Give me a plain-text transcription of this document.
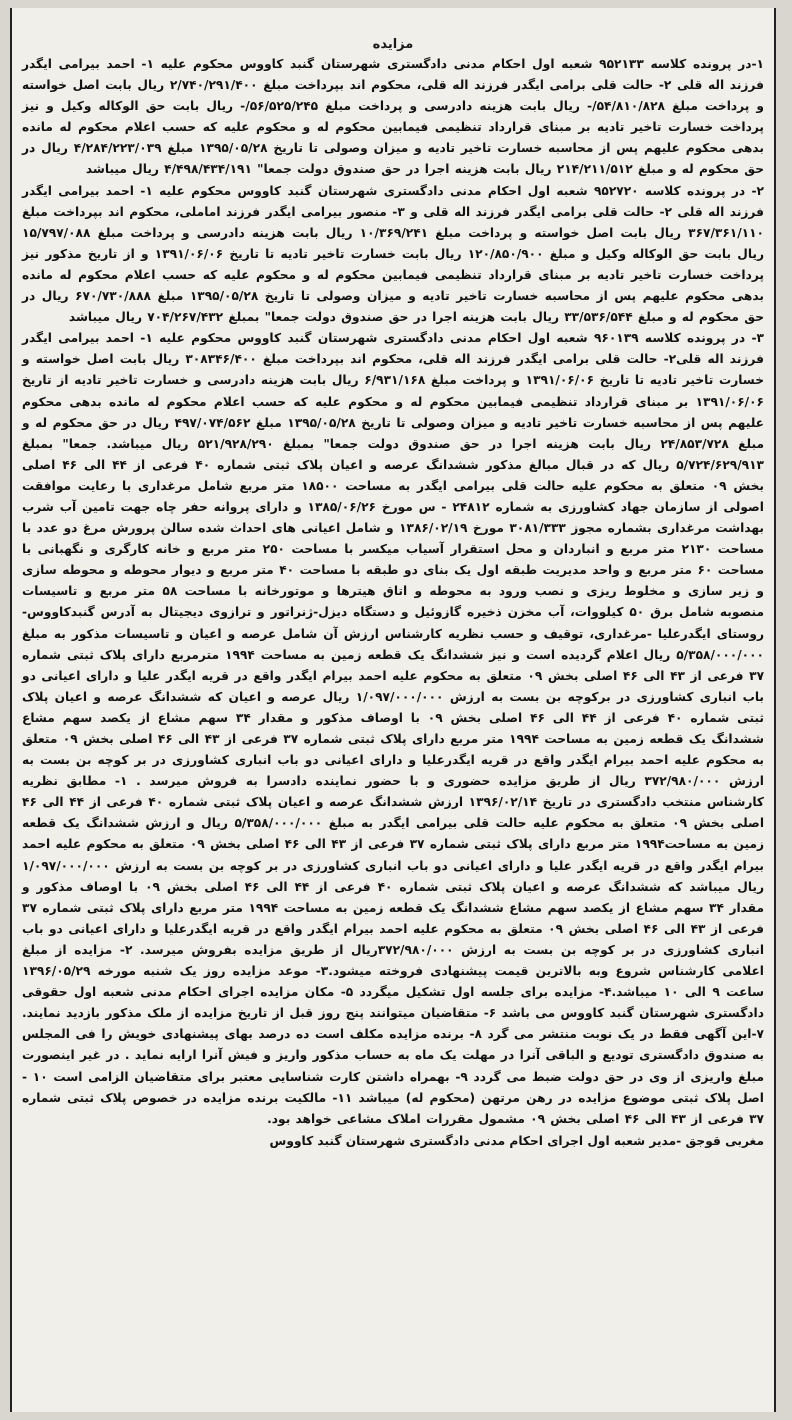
مزایده
۱-در پرونده کلاسه ۹۵۲۱۳۳ شعبه اول احکام مدنی دادگستری شهرستان گنبد کاووس محکوم علیه ۱- احمد بیرامی ایگدر فرزند اله قلی ۲- حالت قلی برامی ایگدر فرزند اله قلی، محکوم اند بپرداخت مبلغ ۲/۷۴۰/۲۹۱/۴۰۰ ریال بابت اصل خواسته و پرداخت مبلغ ۵۴/۸۱۰/۸۲۸/- ریال بابت هزینه دادرسی و پرداخت مبلغ ۵۶/۵۲۵/۲۴۵/- ریال بابت حق الوکاله وکیل و نیز پرداخت خسارت تاخیر تادیه بر مبنای قرارداد تنظیمی فیمابین محکوم له و محکوم علیه که حسب اعلام محکوم له مانده بدهی محکوم علیهم پس از محاسبه خسارت تاخیر تادیه و میزان وصولی تا تاریخ ۱۳۹۵/۰۵/۲۸ مبلغ ۴/۲۸۴/۲۲۳/۰۳۹ ریال در حق محکوم له و مبلغ ۲۱۴/۲۱۱/۵۱۲ ریال بابت هزینه اجرا در حق صندوق دولت جمعا" ۴/۴۹۸/۴۳۴/۱۹۱ ریال میباشد
۲- در پرونده کلاسه ۹۵۲۷۲۰ شعبه اول احکام مدنی دادگستری شهرستان گنبد کاووس محکوم علیه ۱- احمد بیرامی ایگدر فرزند اله قلی ۲- حالت قلی برامی ایگدر فرزند اله قلی و ۳- منصور بیرامی ایگدر فرزند اماملی، محکوم اند بپرداخت مبلغ ۳۶۷/۳۶۱/۱۱۰ ریال بابت اصل خواسته و پرداخت مبلغ ۱۰/۳۶۹/۲۴۱ ریال بابت هزینه دادرسی و پرداخت مبلغ ۱۵/۷۹۷/۰۸۸ ریال بابت حق الوکاله وکیل و مبلغ ۱۲۰/۸۵۰/۹۰۰ ریال بابت خسارت تاخیر تادیه تا تاریخ ۱۳۹۱/۰۶/۰۶ و از تاریخ مذکور نیز پرداخت خسارت تاخیر تادیه بر مبنای قرارداد تنظیمی فیمابین محکوم له و محکوم علیه که حسب اعلام محکوم له مانده بدهی محکوم علیهم پس از محاسبه خسارت تاخیر تادیه و میزان وصولی تا تاریخ ۱۳۹۵/۰۵/۲۸ مبلغ ۶۷۰/۷۳۰/۸۸۸ ریال در حق محکوم له و مبلغ ۳۳/۵۳۶/۵۴۴ ریال بابت هزینه اجرا در حق صندوق دولت جمعا" بمبلغ ۷۰۴/۲۶۷/۴۳۲ ریال میباشد
۳- در پرونده کلاسه ۹۶۰۱۳۹ شعبه اول احکام مدنی دادگستری شهرستان گنبد کاووس محکوم علیه ۱- احمد بیرامی ایگدر فرزند اله قلی۲- حالت قلی برامی ایگدر فرزند اله قلی، محکوم اند بپرداخت مبلغ ۳۰۸۳۴۶/۴۰۰ ریال بابت اصل خواسته و خسارت تاخیر تادیه تا تاریخ ۱۳۹۱/۰۶/۰۶ و پرداخت مبلغ ۶/۹۳۱/۱۶۸ ریال بابت هزینه دادرسی و خسارت تاخیر تادیه از تاریخ ۱۳۹۱/۰۶/۰۶ بر مبنای قرارداد تنظیمی فیمابین محکوم له و محکوم علیه که حسب اعلام محکوم له مانده بدهی محکوم علیهم پس از محاسبه خسارت تاخیر تادیه و میزان وصولی تا تاریخ ۱۳۹۵/۰۵/۲۸ مبلغ ۴۹۷/۰۷۴/۵۶۲ ریال در حق محکوم له و مبلغ ۲۴/۸۵۳/۷۲۸ ریال بابت هزینه اجرا در حق صندوق دولت جمعا" بمبلغ ۵۲۱/۹۲۸/۲۹۰ ریال میباشد. جمعا" بمبلغ ۵/۷۲۴/۶۲۹/۹۱۳ ریال که در قبال مبالغ مذکور ششدانگ عرصه و اعیان پلاک ثبتی شماره ۴۰ فرعی از ۴۴ الی ۴۶ اصلی بخش ۰۹ متعلق به محکوم علیه حالت قلی بیرامی ایگدر به مساحت ۱۸۵۰۰ متر مربع شامل مرغداری با رعایت موافقت اصولی از سازمان جهاد کشاورزی به شماره ۲۴۸۱۲ - س مورخ ۱۳۸۵/۰۶/۲۶ و دارای پروانه حفر چاه جهت تامین آب شرب بهداشت مرغداری بشماره مجوز ۳۰۸۱/۳۳۳ مورخ ۱۳۸۶/۰۲/۱۹ و شامل اعیانی های احداث شده سالن پرورش مرغ دو عدد با مساحت ۲۱۳۰ متر مربع و انباردان و محل استقرار آسیاب میکسر با مساحت ۲۵۰ متر مربع و خانه کارگری و نگهبانی با مساحت ۶۰ متر مربع و واحد مدیریت طبقه اول یک بنای دو طبقه با مساحت ۴۰ متر مربع و دیوار محوطه و محوطه سازی و زیر سازی و مخلوط ریزی و نصب ورود به محوطه و اتاق هیترها و موتورخانه با مساحت ۵۸ متر مربع و تاسیسات منصوبه شامل برق ۵۰ کیلووات، آب مخزن ذخیره گازوئیل و دستگاه دیزل-ژنراتور و ترازوی دیجیتال به آدرس گنبدکاووس- روستای ایگدرعلیا -مرغداری، توقیف و حسب نظریه کارشناس ارزش آن شامل عرصه و اعیان و تاسیسات مذکور به مبلغ ۵/۳۵۸/۰۰۰/۰۰۰ ریال اعلام گردیده است و نیز ششدانگ یک قطعه زمین به مساحت ۱۹۹۴ مترمربع دارای پلاک ثبتی شماره ۳۷ فرعی از ۴۳ الی ۴۶ اصلی بخش ۰۹ متعلق به محکوم علیه احمد بیرام ایگدر واقع در قریه ایگدر علیا و دارای اعیانی دو باب انباری کشاورزی در برکوچه بن بست به ارزش ۱/۰۹۷/۰۰۰/۰۰۰ ریال عرصه و اعیان که ششدانگ عرصه و اعیان پلاک ثبتی شماره ۴۰ فرعی از ۴۴ الی ۴۶ اصلی بخش ۰۹ با اوصاف مذکور و مقدار ۳۴ سهم مشاع از یکصد سهم مشاع ششدانگ یک قطعه زمین به مساحت ۱۹۹۴ متر مربع دارای پلاک ثبتی شماره ۳۷ فرعی از ۴۳ الی ۴۶ اصلی بخش ۰۹ متعلق به محکوم علیه احمد بیرام ایگدر واقع در قریه ایگدرعلیا و دارای اعیانی دو باب انباری کشاورزی در بر کوچه بن بست به ارزش ۳۷۲/۹۸۰/۰۰۰ ریال از طریق مزایده حضوری و با حضور نماینده دادسرا به فروش میرسد . ۱- مطابق نظریه کارشناس منتخب دادگستری در تاریخ ۱۳۹۶/۰۲/۱۴ ارزش ششدانگ عرصه و اعیان پلاک ثبتی شماره ۴۰ فرعی از ۴۴ الی ۴۶ اصلی بخش ۰۹ متعلق به محکوم علیه حالت قلی بیرامی ایگدر به مبلغ ۵/۳۵۸/۰۰۰/۰۰۰ ریال و ارزش ششدانگ یک قطعه زمین به مساحت۱۹۹۴ متر مربع دارای پلاک ثبتی شماره ۳۷ فرعی از ۴۳ الی ۴۶ اصلی بخش ۰۹ متعلق به محکوم علیه احمد بیرام ایگدر واقع در قریه ایگدر علیا و دارای اعیانی دو باب انباری کشاورزی در بر کوچه بن بست به ارزش ۱/۰۹۷/۰۰۰/۰۰۰ ریال میباشد که ششدانگ عرصه و اعیان پلاک ثبتی شماره ۴۰ فرعی از ۴۴ الی ۴۶ اصلی بخش ۰۹ با اوصاف مذکور و مقدار ۳۴ سهم مشاع از یکصد سهم مشاع ششدانگ یک قطعه زمین به مساحت ۱۹۹۴ متر مربع دارای پلاک ثبتی شماره ۳۷ فرعی از ۴۳ الی ۴۶ اصلی بخش ۰۹ متعلق به محکوم علیه احمد بیرام ایگدر واقع در قریه ایگدرعلیا و دارای اعیانی دو باب انباری کشاورزی در بر کوچه بن بست به ارزش ۳۷۲/۹۸۰/۰۰۰ریال از طریق مزایده بفروش میرسد. ۲- مزایده از مبلغ اعلامی کارشناس شروع وبه بالاترین قیمت پیشنهادی فروخته میشود.۳- موعد مزایده روز یک شنبه مورخه ۱۳۹۶/۰۵/۲۹ ساعت ۹ الی ۱۰ میباشد.۴- مزایده برای جلسه اول تشکیل میگردد ۵- مکان مزایده اجرای احکام مدنی شعبه اول حقوقی دادگستری شهرستان گنبد کاووس می باشد ۶- متقاضیان میتوانند پنج روز قبل از تاریخ مزایده از ملک مذکور بازدید نمایند. ۷-این آگهی فقط در یک نوبت منتشر می گرد ۸- برنده مزایده مکلف است ده درصد بهای پیشنهادی خویش را فی المجلس به صندوق دادگستری تودیع و الباقی آنرا در مهلت یک ماه به حساب مذکور واریز و فیش آنرا ارایه نماید . در غیر اینصورت مبلغ واریزی از وی در حق دولت ضبط می گردد ۹- بهمراه داشتن کارت شناسایی معتبر برای متقاضیان الزامی است ۱۰ - اصل پلاک ثبتی موضوع مزایده در رهن مرتهن (محکوم له) میباشد ۱۱- مالکیت برنده مزایده در خصوص پلاک ثبتی شماره ۳۷ فرعی از ۴۳ الی ۴۶ اصلی بخش ۰۹ مشمول مقررات املاک مشاعی خواهد بود.
مغربی قوجق -مدیر شعبه اول اجرای احکام مدنی دادگستری شهرستان گنبد کاووس
